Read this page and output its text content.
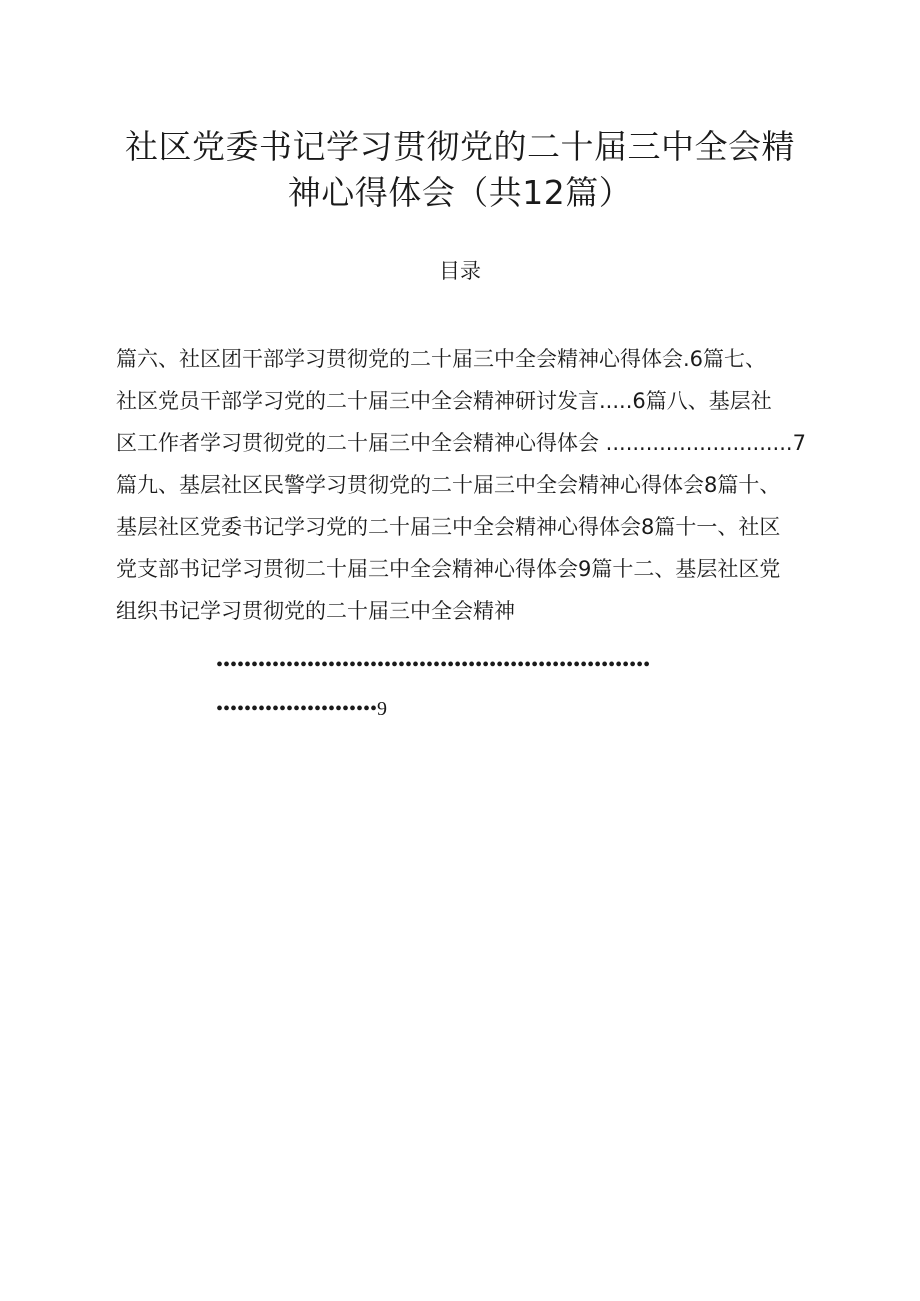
社区党委书记学习贯彻党的二十届三中全会精
神心得体会（共12篇）
目录
篇六、社区团干部学习贯彻党的二十届三中全会精神心得体会.6篇七、
社区党员干部学习党的二十届三中全会精神研讨发言.....6篇八、基层社
区工作者学习贯彻党的二十届三中全会精神心得体会 ............................7
篇九、基层社区民警学习贯彻党的二十届三中全会精神心得体会8篇十、
基层社区党委书记学习党的二十届三中全会精神心得体会8篇十一、社区
党支部书记学习贯彻二十届三中全会精神心得体会9篇十二、基层社区党
组织书记学习贯彻党的二十届三中全会精神
••••••••••••••••••••••••••••••••••••••••••••••••••••••••••••••
•••••••••••••••••••••••9
